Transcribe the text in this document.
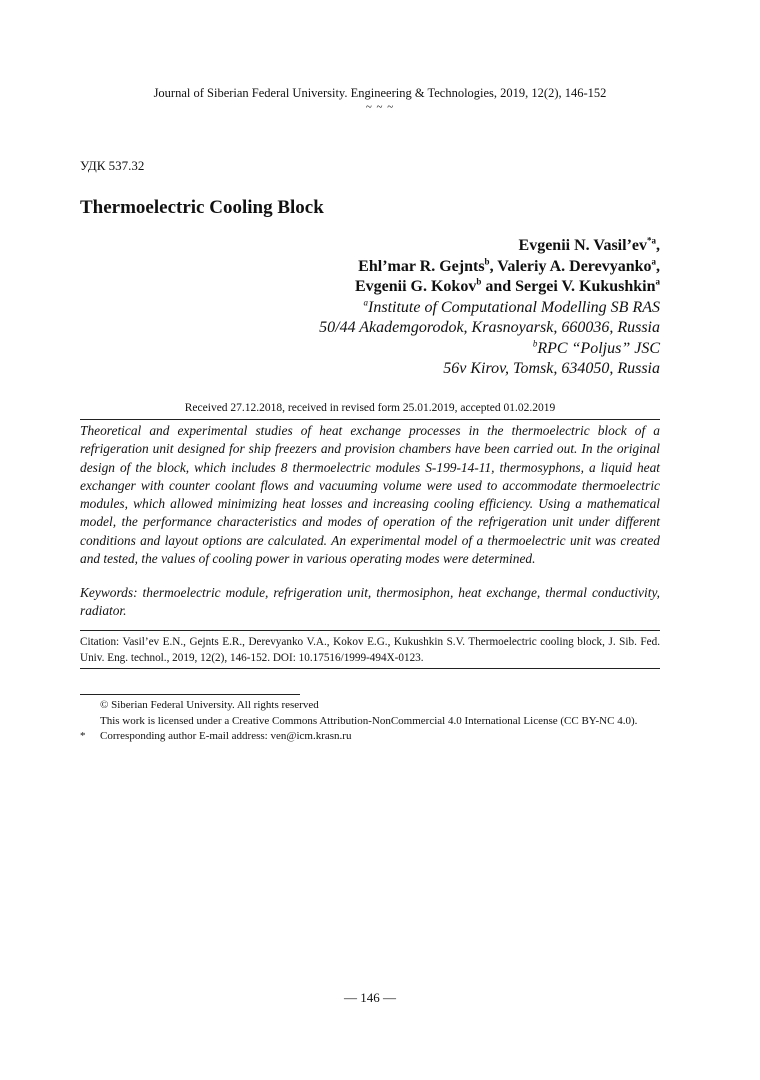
Journal of Siberian Federal University. Engineering & Technologies, 2019, 12(2), 146-152
~ ~ ~
УДК 537.32
Thermoelectric Cooling Block
Evgenii N. $Vasil’ev^{*a}$,
Ehl’mar R. Gejnts$^b$, Valeriy A. Derevyanko$^a$,
Evgenii G. Kokov$^b$ and Sergei V. Kukushkin$^a$
$^a$Institute of Computational Modelling SB RAS
50/44 Akademgorodok, Krasnoyarsk, 660036, Russia
$^b$RPC “Poljus” JSC
56v Kirov, Tomsk, 634050, Russia
Received 27.12.2018, received in revised form 25.01.2019, accepted 01.02.2019

Theoretical and experimental studies of heat exchange processes in the thermoelectric block of a refrigeration unit designed for ship freezers and provision chambers have been carried out. In the original design of the block, which includes 8 thermoelectric modules S-199-14-11, thermosyphons, a liquid heat exchanger with counter coolant flows and vacuuming volume were used to accommodate thermoelectric modules, which allowed minimizing heat losses and increasing cooling efficiency. Using a mathematical model, the performance characteristics and modes of operation of the refrigeration unit under different conditions and layout options are calculated. An experimental model of a thermoelectric unit was created and tested, the values of cooling power in various operating modes were determined.

Keywords: thermoelectric module, refrigeration unit, thermosiphon, heat exchange, thermal conductivity, radiator.

Citation: Vasil’ev E.N., Gejnts E.R., Derevyanko V.A., Kokov E.G., Kukushkin S.V. Thermoelectric cooling block, J. Sib. Fed. Univ. Eng. technol., 2019, 12(2), 146-152. DOI: 10.17516/1999-494X-0123.

© Siberian Federal University. All rights reserved
This work is licensed under a Creative Commons Attribution-NonCommercial 4.0 International License (CC BY-NC 4.0).
* Corresponding author E-mail address: ven@icm.krasn.ru
— 146 —
